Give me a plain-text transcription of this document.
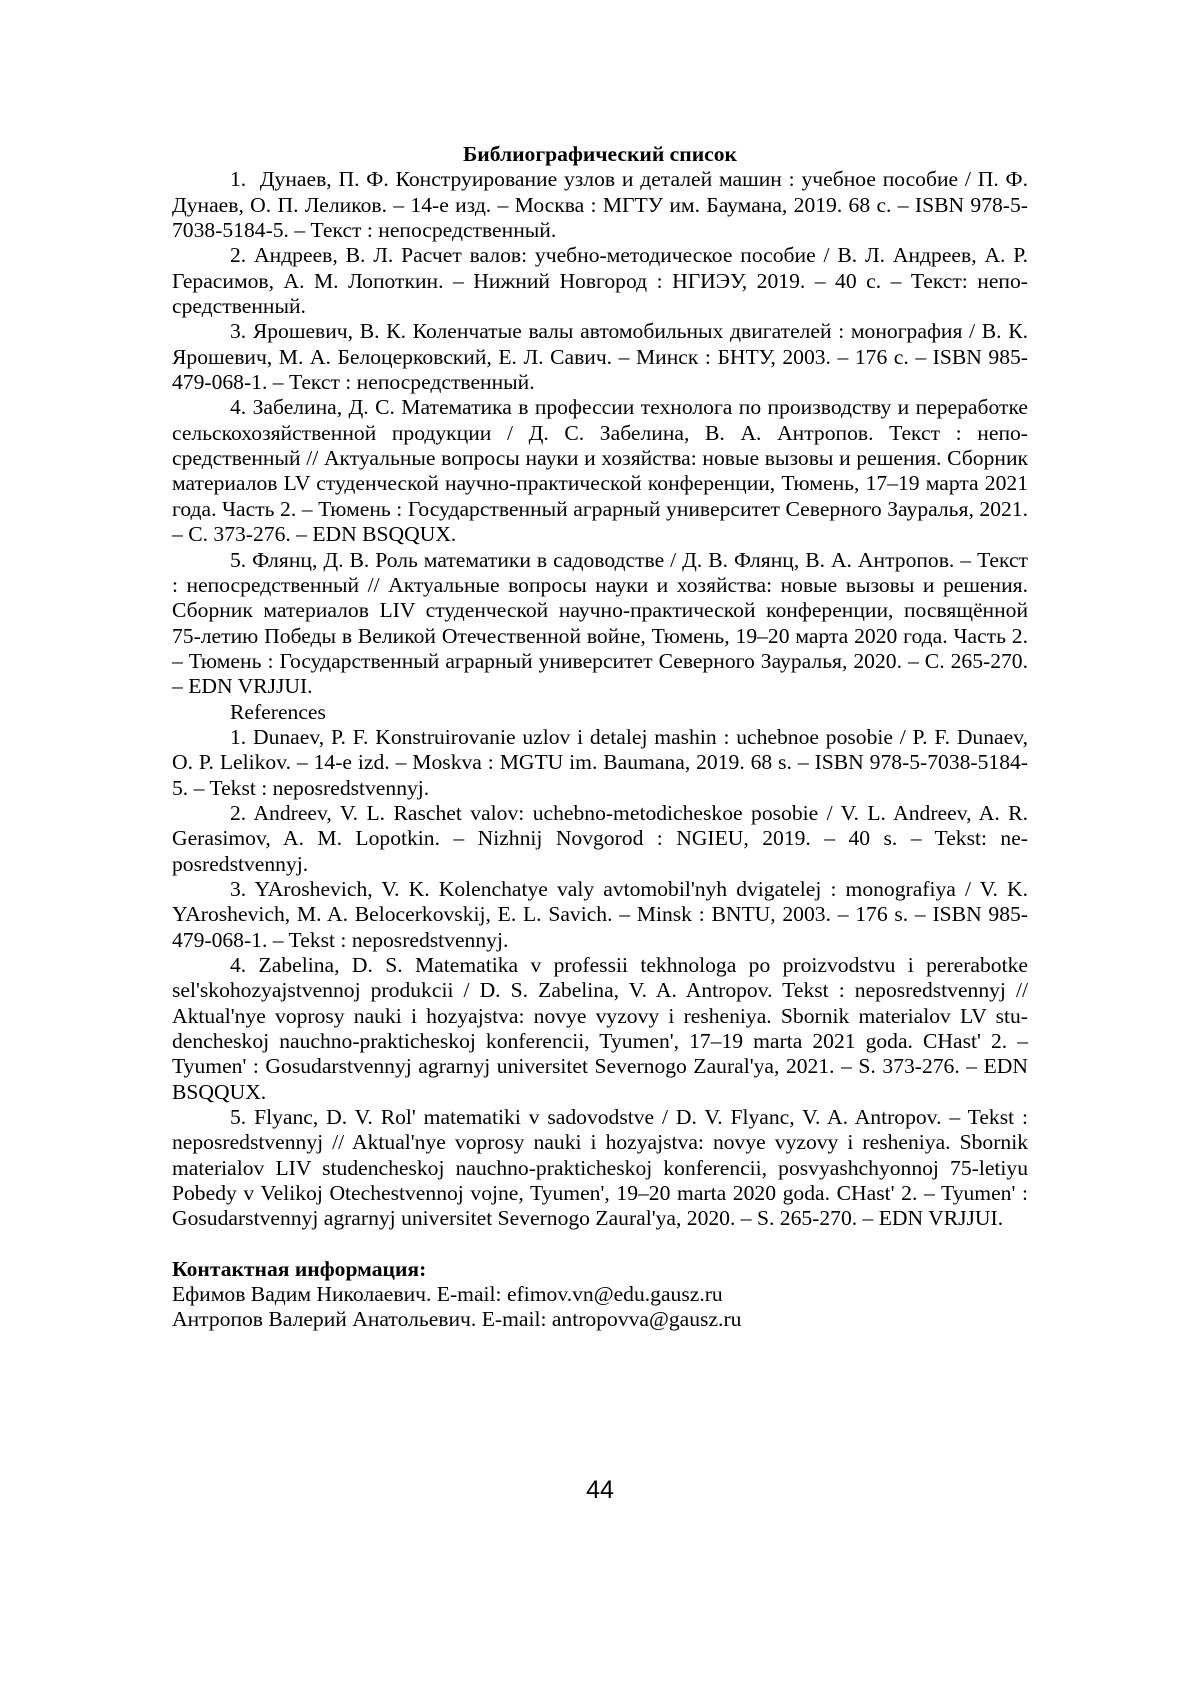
Библиографический список

1.  Дунаев, П. Ф. Конструирование узлов и деталей машин : учебное пособие / П. Ф. Дунаев, О. П. Леликов. – 14-е изд. – Москва : МГТУ им. Баумана, 2019. 68 с. – ISBN 978-5-7038-5184-5. – Текст : непосредственный.

2. Андреев, В. Л. Расчет валов: учебно-методическое пособие / В. Л. Андреев, А. Р. Герасимов, А. М. Лопоткин. – Нижний Новгород : НГИЭУ, 2019. – 40 с. – Текст: непосредственный.

3. Ярошевич, В. К. Коленчатые валы автомобильных двигателей : монография / В. К. Ярошевич, М. А. Белоцерковский, Е. Л. Савич. – Минск : БНТУ, 2003. – 176 с. – ISBN 985-479-068-1. – Текст : непосредственный.

4. Забелина, Д. С. Математика в профессии технолога по производству и переработке сельскохозяйственной продукции / Д. С. Забелина, В. А. Антропов. Текст : непосредственный // Актуальные вопросы науки и хозяйства: новые вызовы и решения. Сборник материалов LV студенческой научно-практической конференции, Тюмень, 17–19 марта 2021 года. Часть 2. – Тюмень : Государственный аграрный университет Северного Зауралья, 2021. – С. 373-276. – EDN BSQQUX.

5. Флянц, Д. В. Роль математики в садоводстве / Д. В. Флянц, В. А. Антропов. – Текст : непосредственный // Актуальные вопросы науки и хозяйства: новые вызовы и решения. Сборник материалов LIV студенческой научно-практической конференции, посвящённой 75-летию Победы в Великой Отечественной войне, Тюмень, 19–20 марта 2020 года. Часть 2. – Тюмень : Государственный аграрный университет Северного Зауралья, 2020. – С. 265-270. – EDN VRJJUI.

References

1. Dunaev, P. F. Konstruirovanie uzlov i detalej mashin : uchebnoe posobie / P. F. Dunaev, O. P. Lelikov. – 14-e izd. – Moskva : MGTU im. Baumana, 2019. 68 s. – ISBN 978-5-7038-5184-5. – Tekst : neposredstvennyj.

2. Andreev, V. L. Raschet valov: uchebno-metodicheskoe posobie / V. L. Andreev, A. R. Gerasimov, A. M. Lopotkin. – Nizhnij Novgorod : NGIEU, 2019. – 40 s. – Tekst: neposredstvennyj.

3. YAroshevich, V. K. Kolenchatye valy avtomobil'nyh dvigatelej : monografiya / V. K. YAroshevich, M. A. Belocerkovskij, E. L. Savich. – Minsk : BNTU, 2003. – 176 s. – ISBN 985-479-068-1. – Tekst : neposredstvennyj.

4. Zabelina, D. S. Matematika v professii tekhnologa po proizvodstvu i pererabotke sel'skohozyajstvennoj produkcii / D. S. Zabelina, V. A. Antropov. Tekst : neposredstvennyj // Aktual'nye voprosy nauki i hozyajstva: novye vyzovy i resheniya. Sbornik materialov LV studencheskoj nauchno-prakticheskoj konferencii, Tyumen', 17–19 marta 2021 goda. CHast' 2. – Tyumen' : Gosudarstvennyj agrarnyj universitet Severnogo Zaural'ya, 2021. – S. 373-276. – EDN BSQQUX.

5. Flyanc, D. V. Rol' matematiki v sadovodstve / D. V. Flyanc, V. A. Antropov. – Tekst : neposredstvennyj // Aktual'nye voprosy nauki i hozyajstva: novye vyzovy i resheniya. Sbornik materialov LIV studencheskoj nauchno-prakticheskoj konferencii, posvyashchyonnoj 75-letiyu Pobedy v Velikoj Otechestvennoj vojne, Tyumen', 19–20 marta 2020 goda. CHast' 2. – Tyumen' : Gosudarstvennyj agrarnyj universitet Severnogo Zaural'ya, 2020. – S. 265-270. – EDN VRJJUI.

Контактная информация:

Ефимов Вадим Николаевич. E-mail: efimov.vn@edu.gausz.ru

Антропов Валерий Анатольевич. E-mail: antropovva@gausz.ru

44
